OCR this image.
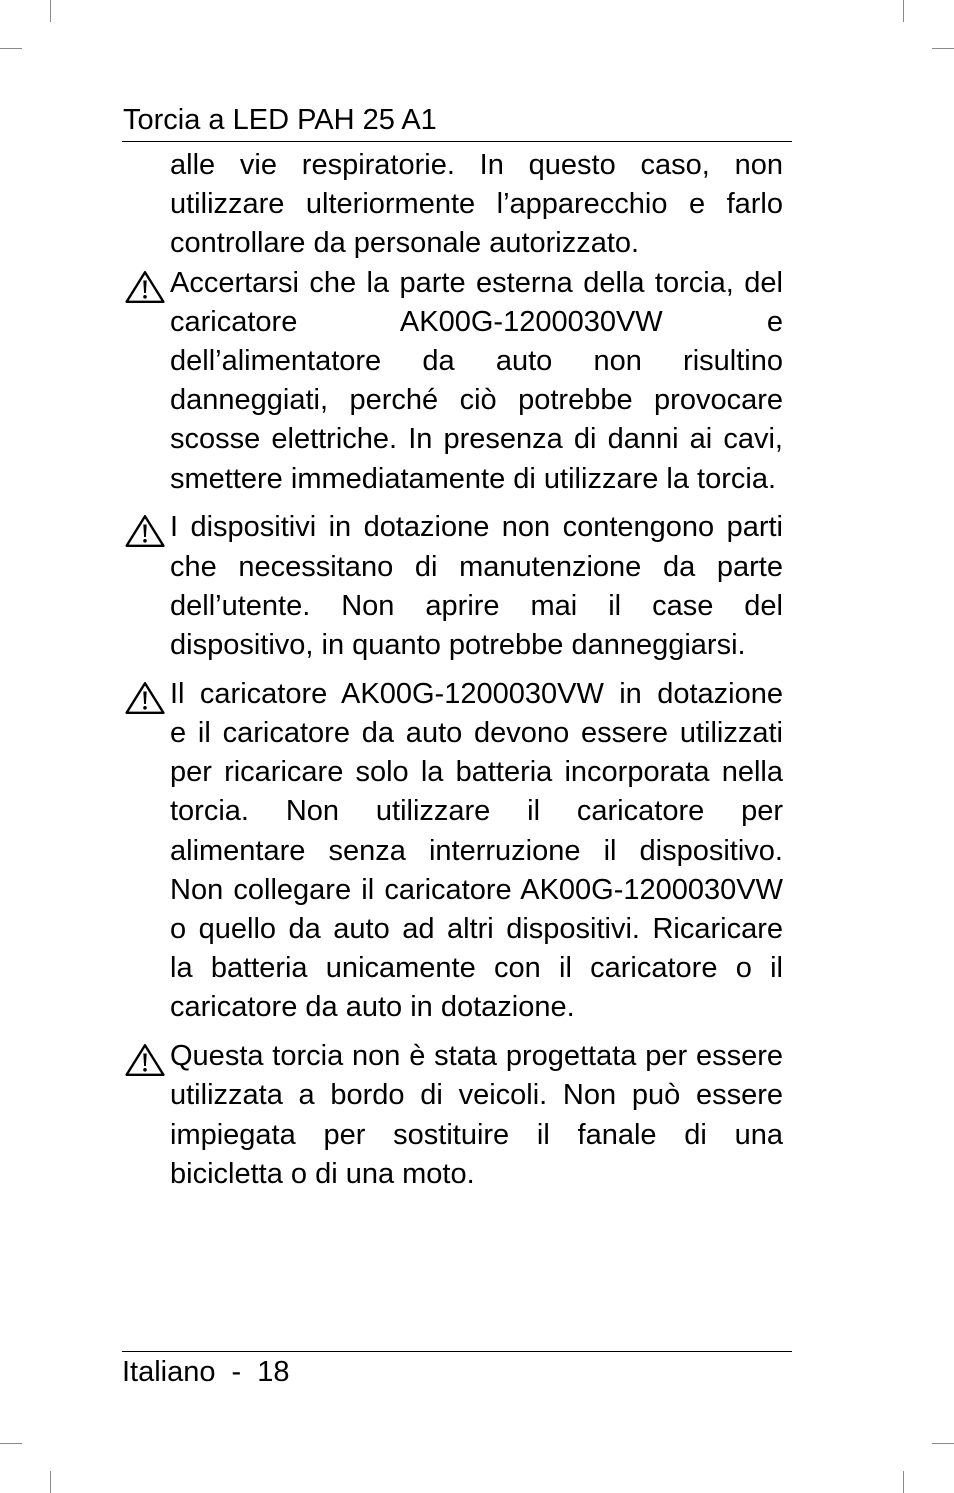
Torcia a LED PAH 25 A1
alle vie respiratorie. In questo caso, non
utilizzare ulteriormente l’apparecchio e farlo
controllare da personale autorizzato.
Accertarsi che la parte esterna della torcia, del
caricatore AK00G-1200030VW e
dell’alimentatore da auto non risultino
danneggiati, perché ciò potrebbe provocare
scosse elettriche. In presenza di danni ai cavi,
smettere immediatamente di utilizzare la torcia.
I dispositivi in dotazione non contengono parti
che necessitano di manutenzione da parte
dell’utente. Non aprire mai il case del
dispositivo, in quanto potrebbe danneggiarsi.
Il caricatore AK00G-1200030VW in dotazione
e il caricatore da auto devono essere utilizzati
per ricaricare solo la batteria incorporata nella
torcia. Non utilizzare il caricatore per
alimentare senza interruzione il dispositivo.
Non collegare il caricatore AK00G-1200030VW
o quello da auto ad altri dispositivi. Ricaricare
la batteria unicamente con il caricatore o il
caricatore da auto in dotazione.
Questa torcia non è stata progettata per essere
utilizzata a bordo di veicoli. Non può essere
impiegata per sostituire il fanale di una
bicicletta o di una moto.
Italiano - 18
